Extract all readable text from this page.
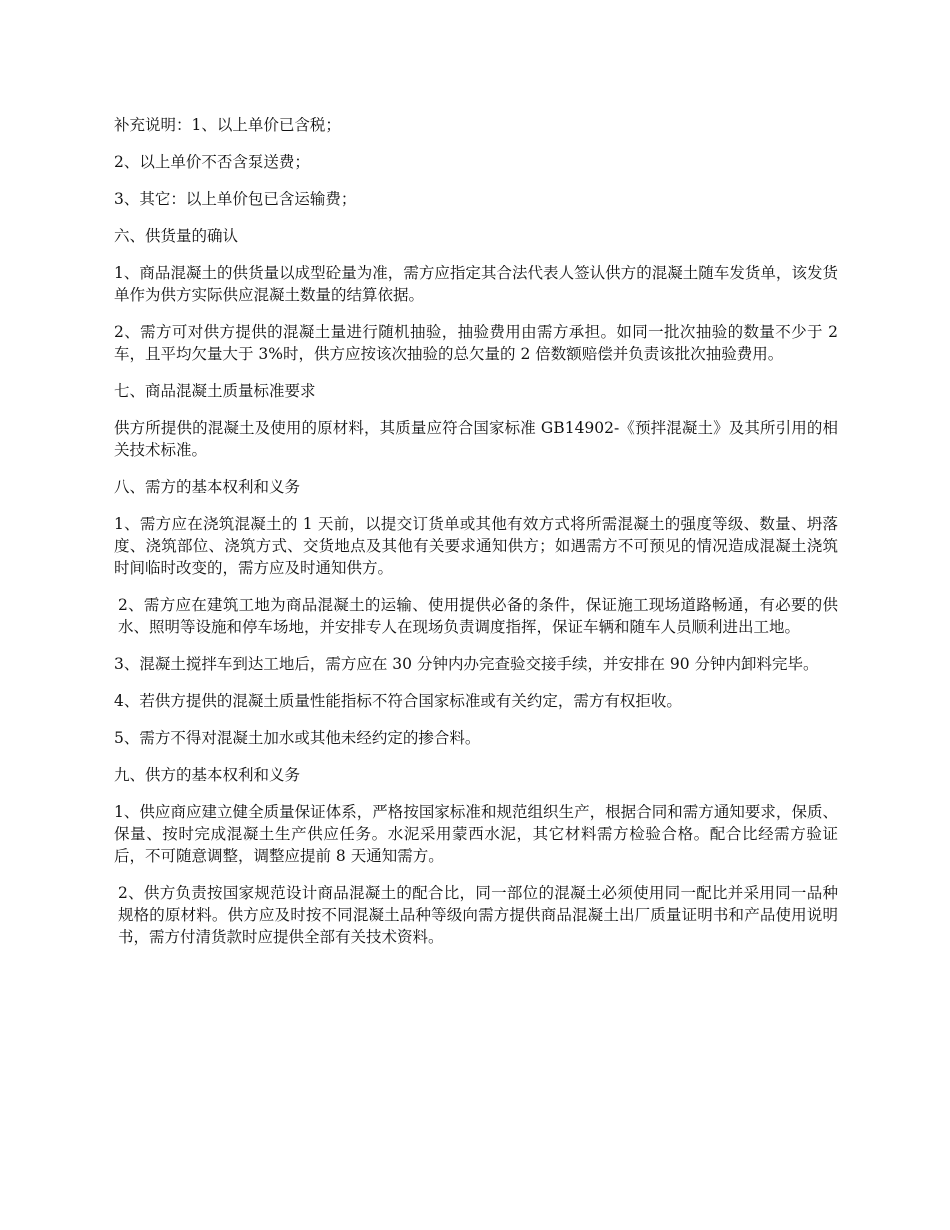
补充说明：1、以上单价已含税；

2、以上单价不否含泵送费；

3、其它：以上单价包已含运输费；

六、供货量的确认

1、商品混凝土的供货量以成型砼量为准，需方应指定其合法代表人签认供方的混凝土随车发货单，该发货单作为供方实际供应混凝土数量的结算依据。

2、需方可对供方提供的混凝土量进行随机抽验，抽验费用由需方承担。如同一批次抽验的数量不少于 2 车，且平均欠量大于 3%时，供方应按该次抽验的总欠量的 2 倍数额赔偿并负责该批次抽验费用。

七、商品混凝土质量标准要求

供方所提供的混凝土及使用的原材料，其质量应符合国家标准 GB14902-《预拌混凝土》及其所引用的相关技术标准。

八、需方的基本权利和义务

1、需方应在浇筑混凝土的 1 天前，以提交订货单或其他有效方式将所需混凝土的强度等级、数量、坍落度、浇筑部位、浇筑方式、交货地点及其他有关要求通知供方；如遇需方不可预见的情况造成混凝土浇筑时间临时改变的，需方应及时通知供方。

2、需方应在建筑工地为商品混凝土的运输、使用提供必备的条件，保证施工现场道路畅通，有必要的供水、照明等设施和停车场地，并安排专人在现场负责调度指挥，保证车辆和随车人员顺利进出工地。

3、混凝土搅拌车到达工地后，需方应在 30 分钟内办完查验交接手续，并安排在 90 分钟内卸料完毕。

4、若供方提供的混凝土质量性能指标不符合国家标准或有关约定，需方有权拒收。

5、需方不得对混凝土加水或其他未经约定的掺合料。

九、供方的基本权利和义务

1、供应商应建立健全质量保证体系，严格按国家标准和规范组织生产，根据合同和需方通知要求，保质、保量、按时完成混凝土生产供应任务。水泥采用蒙西水泥，其它材料需方检验合格。配合比经需方验证后，不可随意调整，调整应提前 8 天通知需方。

2、供方负责按国家规范设计商品混凝土的配合比，同一部位的混凝土必须使用同一配比并采用同一品种规格的原材料。供方应及时按不同混凝土品种等级向需方提供商品混凝土出厂质量证明书和产品使用说明书，需方付清货款时应提供全部有关技术资料。
